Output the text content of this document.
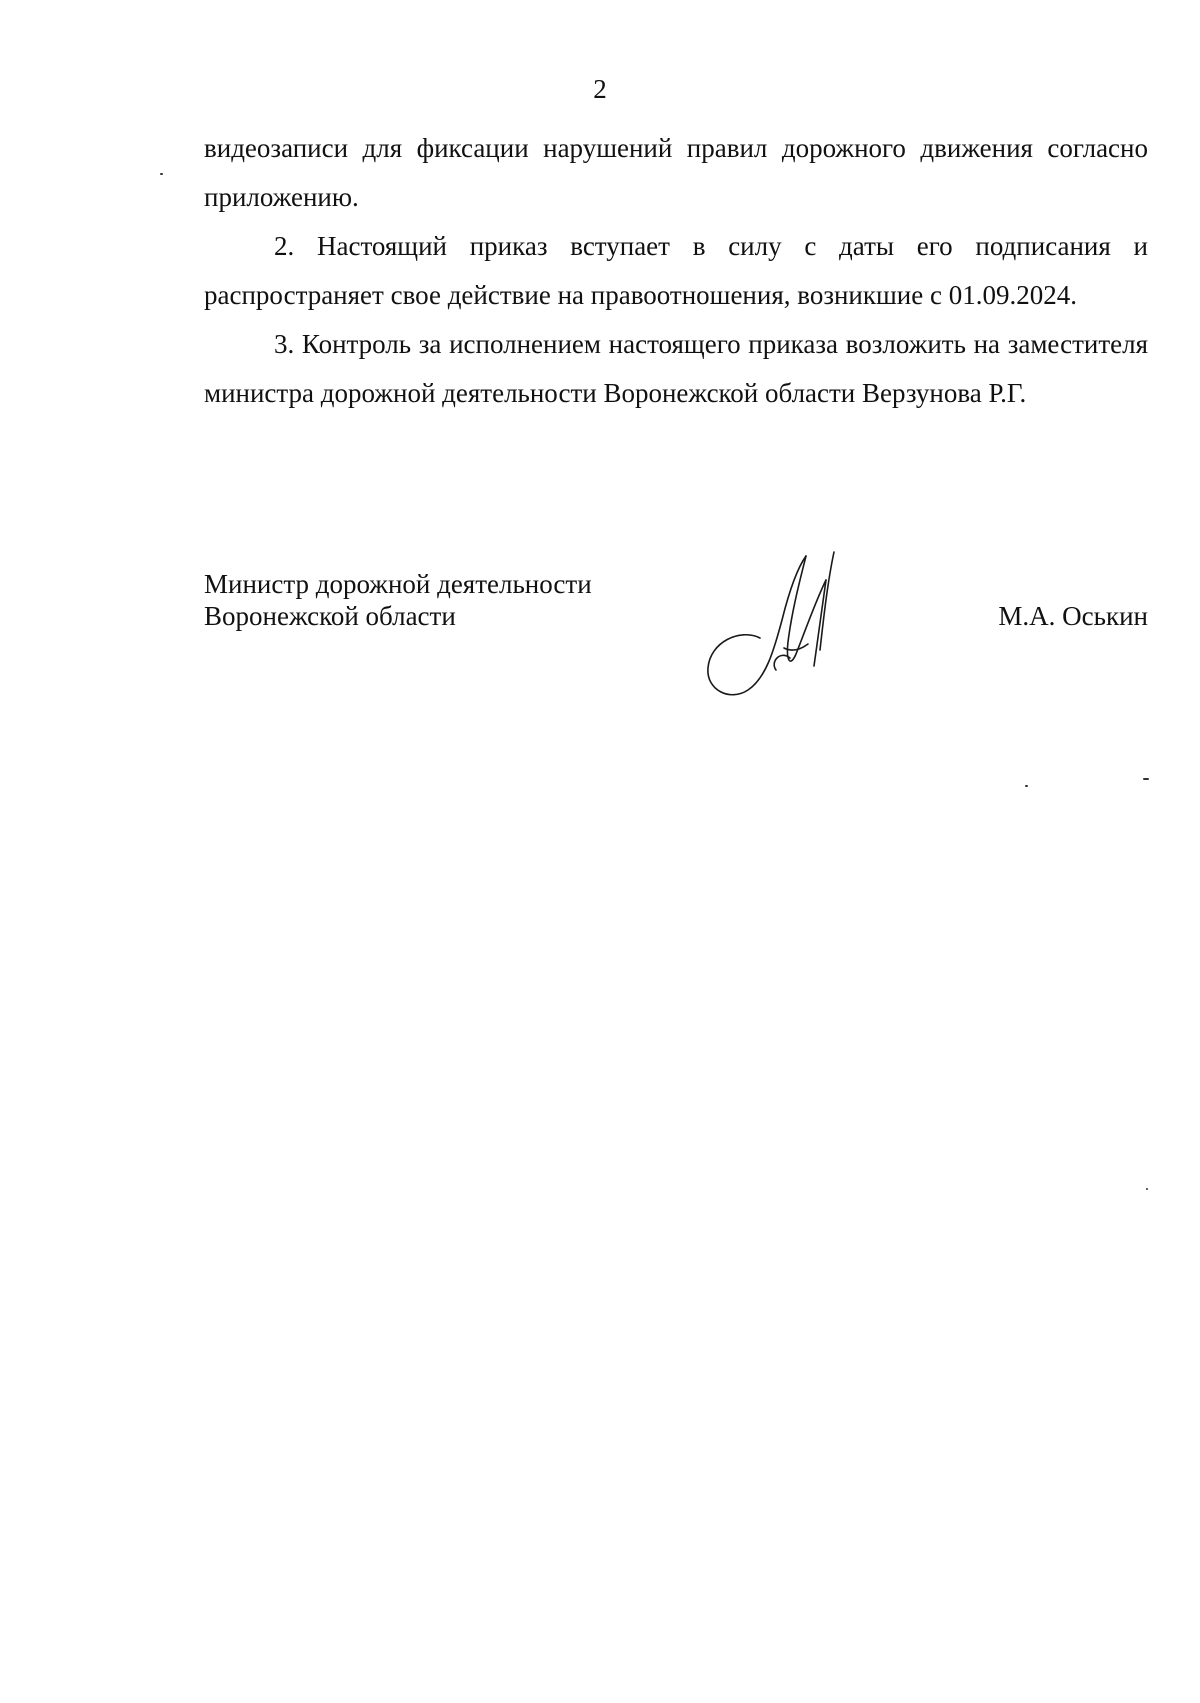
2

видеозаписи для фиксации нарушений правил дорожного движения согласно приложению.

2. Настоящий приказ вступает в силу с даты его подписания и распространяет свое действие на правоотношения, возникшие с 01.09.2024.

3. Контроль за исполнением настоящего приказа возложить на заместителя министра дорожной деятельности Воронежской области Верзунова Р.Г.

Министр дорожной деятельности
Воронежской области	М.А. Оськин
